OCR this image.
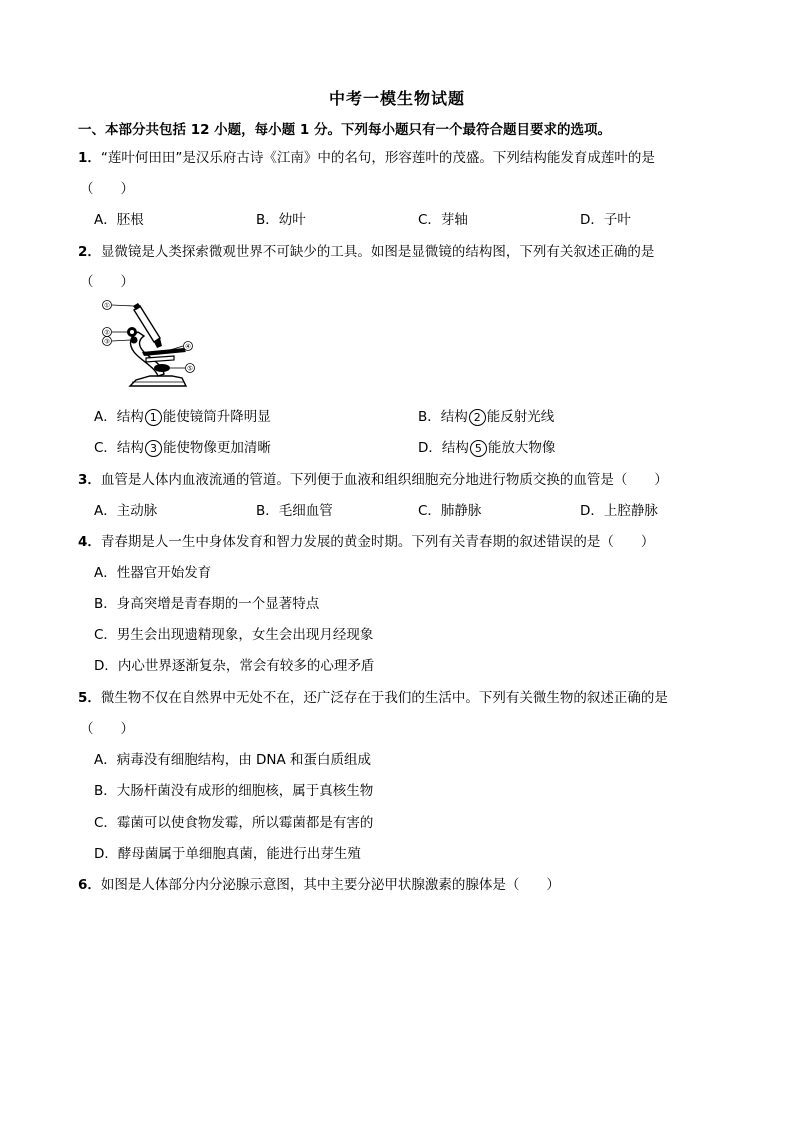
中考一模生物试题
一、本部分共包括 12 小题，每小题 1 分。下列每小题只有一个最符合题目要求的选项。
1．“莲叶何田田”是汉乐府古诗《江南》中的名句，形容莲叶的茂盛。下列结构能发育成莲叶的是
（　　）
A．胚根	B．幼叶	C．芽轴	D．子叶
2．显微镜是人类探索微观世界不可缺少的工具。如图是显微镜的结构图，下列有关叙述正确的是
（　　）
①
②
③
④
⑤
A．结构 1 能使镜筒升降明显	B．结构 2 能反射光线
C．结构 3 能使物像更加清晰	D．结构 5 能放大物像
3．血管是人体内血液流通的管道。下列便于血液和组织细胞充分地进行物质交换的血管是（　　）
A．主动脉	B．毛细血管	C．肺静脉	D．上腔静脉
4．青春期是人一生中身体发育和智力发展的黄金时期。下列有关青春期的叙述错误的是（　　）
A．性器官开始发育
B．身高突增是青春期的一个显著特点
C．男生会出现遗精现象，女生会出现月经现象
D．内心世界逐渐复杂，常会有较多的心理矛盾
5．微生物不仅在自然界中无处不在，还广泛存在于我们的生活中。下列有关微生物的叙述正确的是
（　　）
A．病毒没有细胞结构，由 DNA 和蛋白质组成
B．大肠杆菌没有成形的细胞核，属于真核生物
C．霉菌可以使食物发霉，所以霉菌都是有害的
D．酵母菌属于单细胞真菌，能进行出芽生殖
6．如图是人体部分内分泌腺示意图，其中主要分泌甲状腺激素的腺体是（　　）
